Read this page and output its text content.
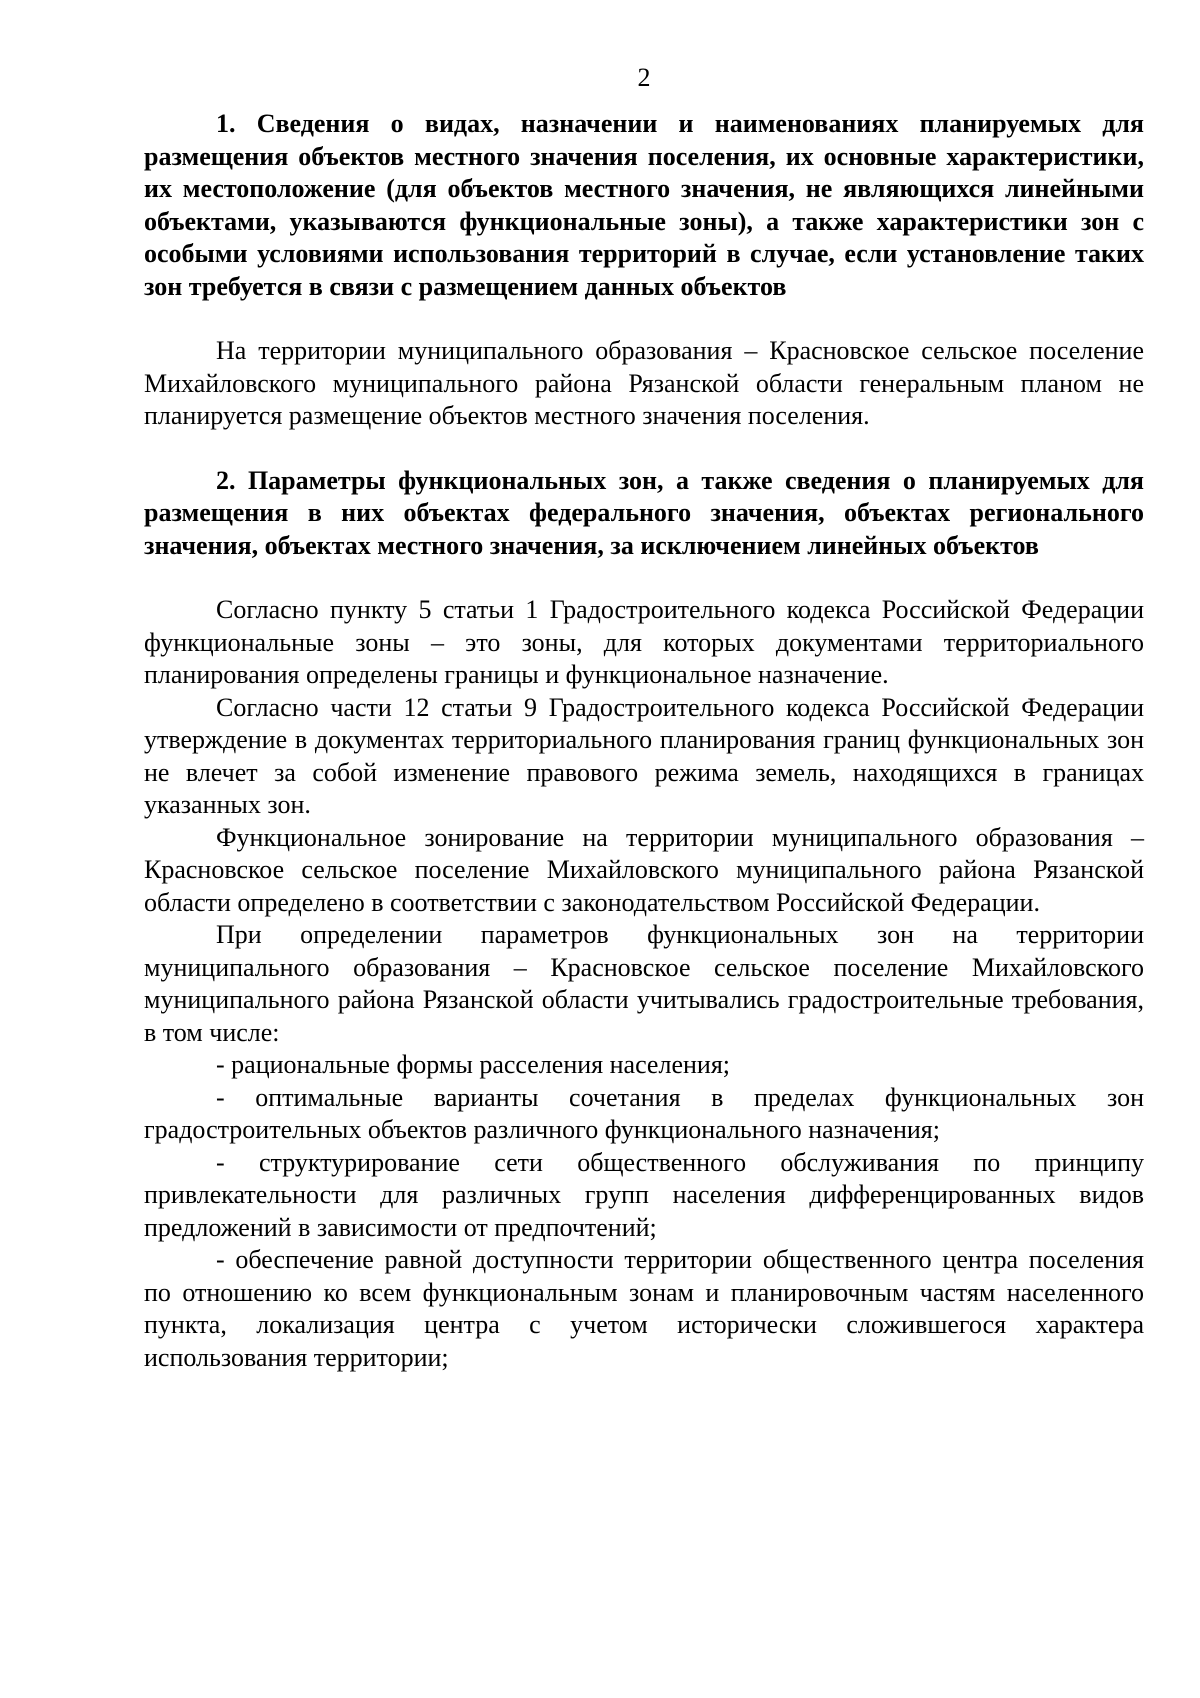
2
1. Сведения о видах, назначении и наименованиях планируемых для размещения объектов местного значения поселения, их основные характеристики, их местоположение (для объектов местного значения, не являющихся линейными объектами, указываются функциональные зоны), а также характеристики зон с особыми условиями использования территорий в случае, если установление таких зон требуется в связи с размещением данных объектов

На территории муниципального образования – Красновское сельское поселение Михайловского муниципального района Рязанской области генеральным планом не планируется размещение объектов местного значения поселения.

2. Параметры функциональных зон, а также сведения о планируемых для размещения в них объектах федерального значения, объектах регионального значения, объектах местного значения, за исключением линейных объектов

Согласно пункту 5 статьи 1 Градостроительного кодекса Российской Федерации функциональные зоны – это зоны, для которых документами территориального планирования определены границы и функциональное назначение.

Согласно части 12 статьи 9 Градостроительного кодекса Российской Федерации утверждение в документах территориального планирования границ функциональных зон не влечет за собой изменение правового режима земель, находящихся в границах указанных зон.

Функциональное зонирование на территории муниципального образования – Красновское сельское поселение Михайловского муниципального района Рязанской области определено в соответствии с законодательством Российской Федерации.

При определении параметров функциональных зон на территории муниципального образования – Красновское сельское поселение Михайловского муниципального района Рязанской области учитывались градостроительные требования, в том числе:

- рациональные формы расселения населения;

- оптимальные варианты сочетания в пределах функциональных зон градостроительных объектов различного функционального назначения;

- структурирование сети общественного обслуживания по принципу привлекательности для различных групп населения дифференцированных видов предложений в зависимости от предпочтений;

- обеспечение равной доступности территории общественного центра поселения по отношению ко всем функциональным зонам и планировочным частям населенного пункта, локализация центра с учетом исторически сложившегося характера использования территории;
